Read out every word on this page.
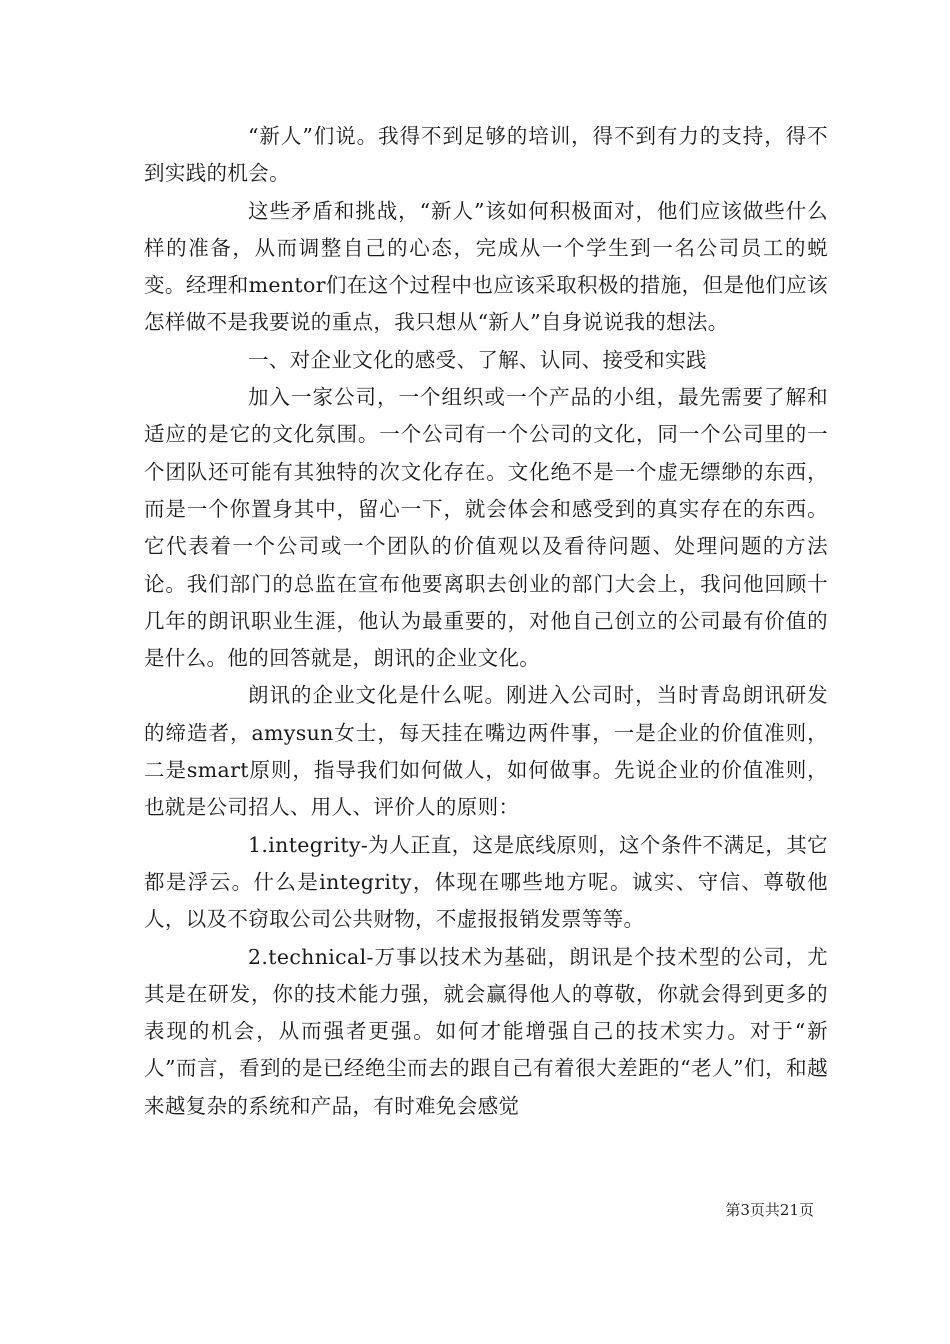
“新人”们说。我得不到足够的培训，得不到有力的支持，得不到实践的机会。

这些矛盾和挑战，“新人”该如何积极面对，他们应该做些什么样的准备，从而调整自己的心态，完成从一个学生到一名公司员工的蜕变。经理和mentor们在这个过程中也应该采取积极的措施，但是他们应该怎样做不是我要说的重点，我只想从“新人”自身说说我的想法。

一、对企业文化的感受、了解、认同、接受和实践

加入一家公司，一个组织或一个产品的小组，最先需要了解和适应的是它的文化氛围。一个公司有一个公司的文化，同一个公司里的一个团队还可能有其独特的次文化存在。文化绝不是一个虚无缥缈的东西，而是一个你置身其中，留心一下，就会体会和感受到的真实存在的东西。它代表着一个公司或一个团队的价值观以及看待问题、处理问题的方法论。我们部门的总监在宣布他要离职去创业的部门大会上，我问他回顾十几年的朗讯职业生涯，他认为最重要的，对他自己创立的公司最有价值的是什么。他的回答就是，朗讯的企业文化。

朗讯的企业文化是什么呢。刚进入公司时，当时青岛朗讯研发的缔造者，amysun女士，每天挂在嘴边两件事，一是企业的价值准则，二是smart原则，指导我们如何做人，如何做事。先说企业的价值准则，也就是公司招人、用人、评价人的原则：

1.integrity-为人正直，这是底线原则，这个条件不满足，其它都是浮云。什么是integrity，体现在哪些地方呢。诚实、守信、尊敬他人，以及不窃取公司公共财物，不虚报报销发票等等。

2.technical-万事以技术为基础，朗讯是个技术型的公司，尤其是在研发，你的技术能力强，就会赢得他人的尊敬，你就会得到更多的表现的机会，从而强者更强。如何才能增强自己的技术实力。对于“新人”而言，看到的是已经绝尘而去的跟自己有着很大差距的“老人”们，和越来越复杂的系统和产品，有时难免会感觉

第3页共21页
